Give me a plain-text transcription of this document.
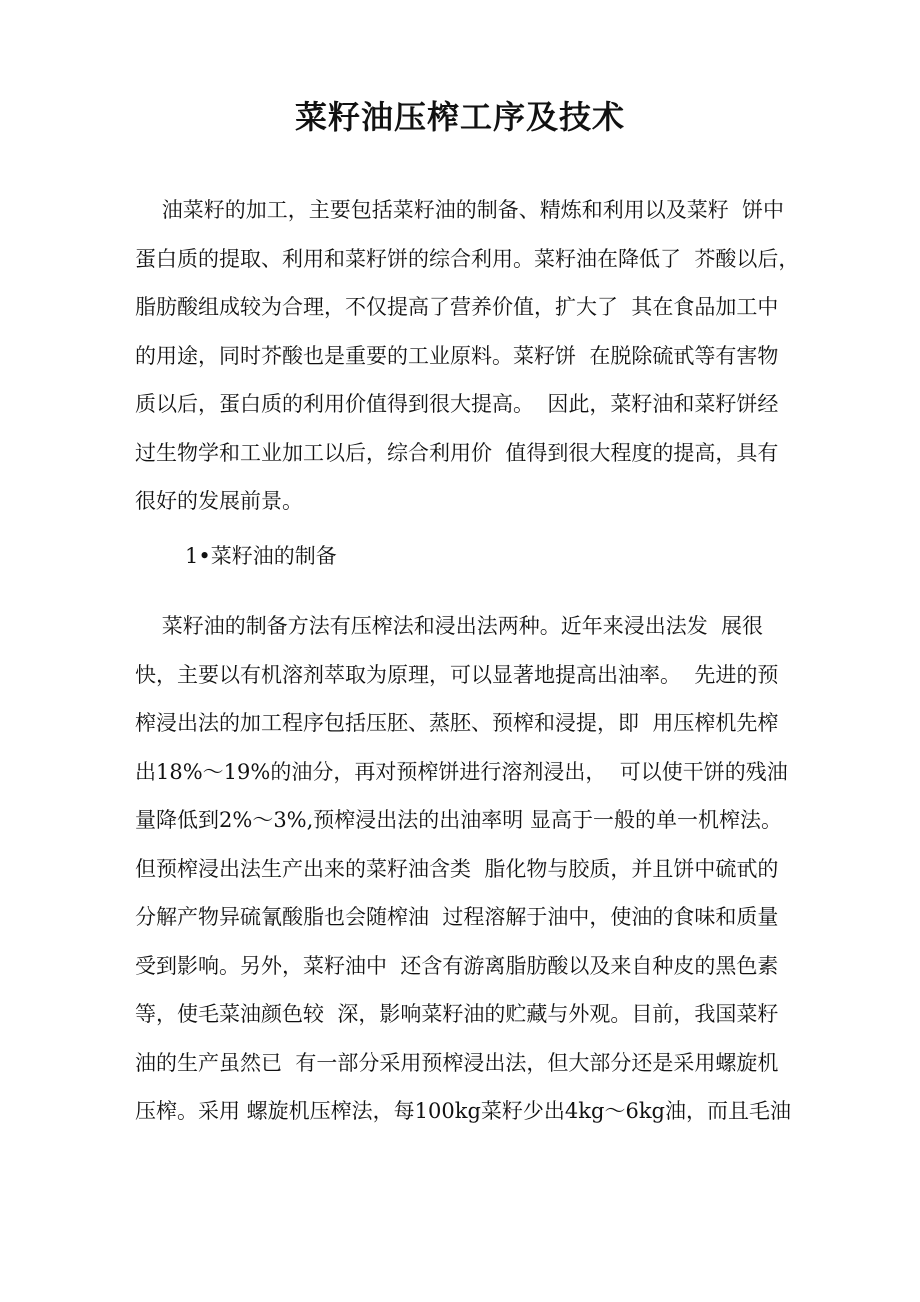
菜籽油压榨工序及技术
油菜籽的加工，主要包括菜籽油的制备、精炼和利用以及菜籽  饼中
蛋白质的提取、利用和菜籽饼的综合利用。菜籽油在降低了  芥酸以后，
脂肪酸组成较为合理，不仅提高了营养价值，扩大了  其在食品加工中
的用途，同时芥酸也是重要的工业原料。菜籽饼  在脱除硫甙等有害物
质以后，蛋白质的利用价值得到很大提高。  因此，菜籽油和菜籽饼经
过生物学和工业加工以后，综合利用价  值得到很大程度的提高，具有
很好的发展前景。
1•菜籽油的制备
菜籽油的制备方法有压榨法和浸出法两种。近年来浸出法发  展很
快，主要以有机溶剂萃取为原理，可以显著地提高出油率。  先进的预
榨浸出法的加工程序包括压胚、蒸胚、预榨和浸提，即  用压榨机先榨
出18%〜19%的油分，再对预榨饼进行溶剂浸出，  可以使干饼的残油
量降低到2%〜3%,预榨浸出法的出油率明 显高于一般的单一机榨法。
但预榨浸出法生产出来的菜籽油含类  脂化物与胶质，并且饼中硫甙的
分解产物异硫氰酸脂也会随榨油  过程溶解于油中，使油的食味和质量
受到影响。另外，菜籽油中  还含有游离脂肪酸以及来自种皮的黑色素
等，使毛菜油颜色较  深，影响菜籽油的贮藏与外观。目前，我国菜籽
油的生产虽然已  有一部分采用预榨浸出法，但大部分还是采用螺旋机
压榨。采用 螺旋机压榨法，每100kg菜籽少出4kg〜6kg油，而且毛油
